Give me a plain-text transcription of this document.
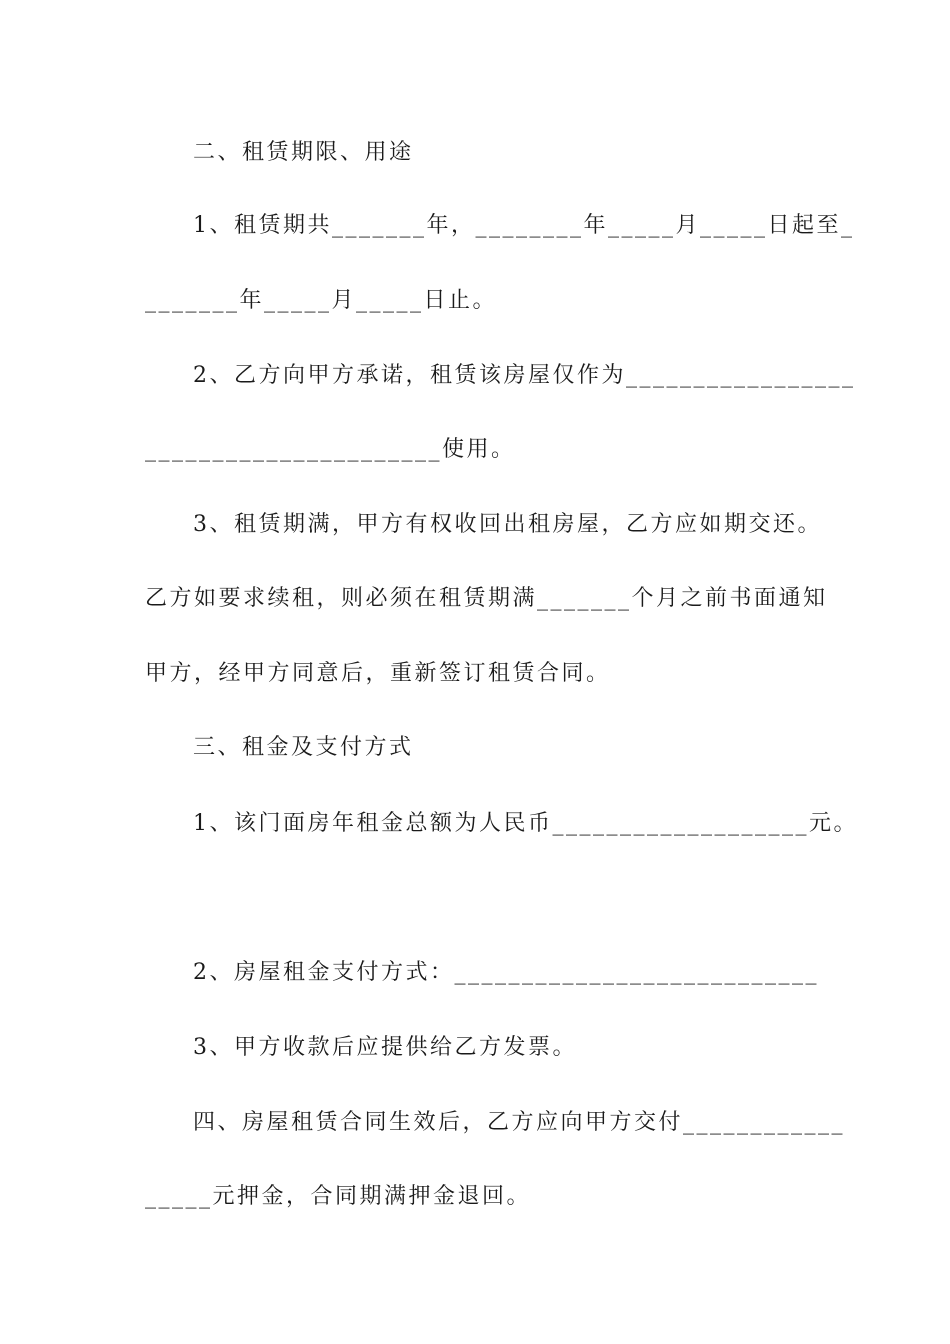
二、租赁期限、用途
1、租赁期共_______年，________年_____月_____日起至_
_______年_____月_____日止。
2、乙方向甲方承诺，租赁该房屋仅作为_________________
______________________使用。
3、租赁期满，甲方有权收回出租房屋，乙方应如期交还。
乙方如要求续租，则必须在租赁期满_______个月之前书面通知
甲方，经甲方同意后，重新签订租赁合同。
三、租金及支付方式
1、该门面房年租金总额为人民币___________________元。
2、房屋租金支付方式：___________________________
3、甲方收款后应提供给乙方发票。
四、房屋租赁合同生效后，乙方应向甲方交付____________
_____元押金，合同期满押金退回。
